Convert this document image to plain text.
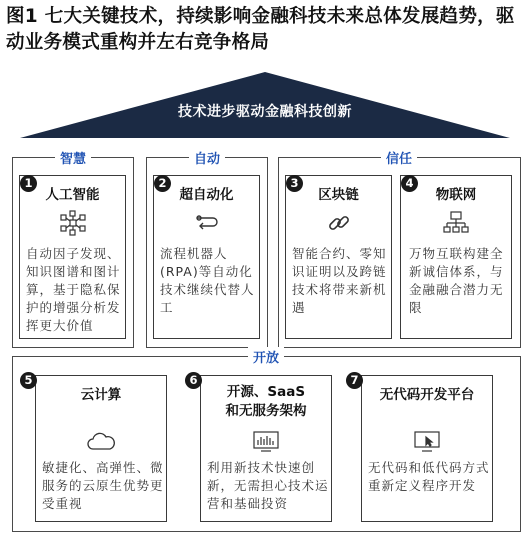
图1 七大关键技术，持续影响金融科技未来总体发展趋势，驱动业务模式重构并左右竞争格局
技术进步驱动金融科技创新
智慧
1
人工智能
自动因子发现、知识图谱和图计算，基于隐私保护的增强分析发挥更大价值
自动
2
超自动化
流程机器人(RPA)等自动化技术继续代替人工
信任
3
区块链
智能合约、零知识证明以及跨链技术将带来新机遇
4
物联网
万物互联构建全新诚信体系，与金融融合潜力无限
开放
5
云计算
敏捷化、高弹性、微服务的云原生优势更受重视
6
开源、SaaS和无服务架构
利用新技术快速创新，无需担心技术运营和基础投资
7
无代码开发平台
无代码和低代码方式重新定义程序开发
